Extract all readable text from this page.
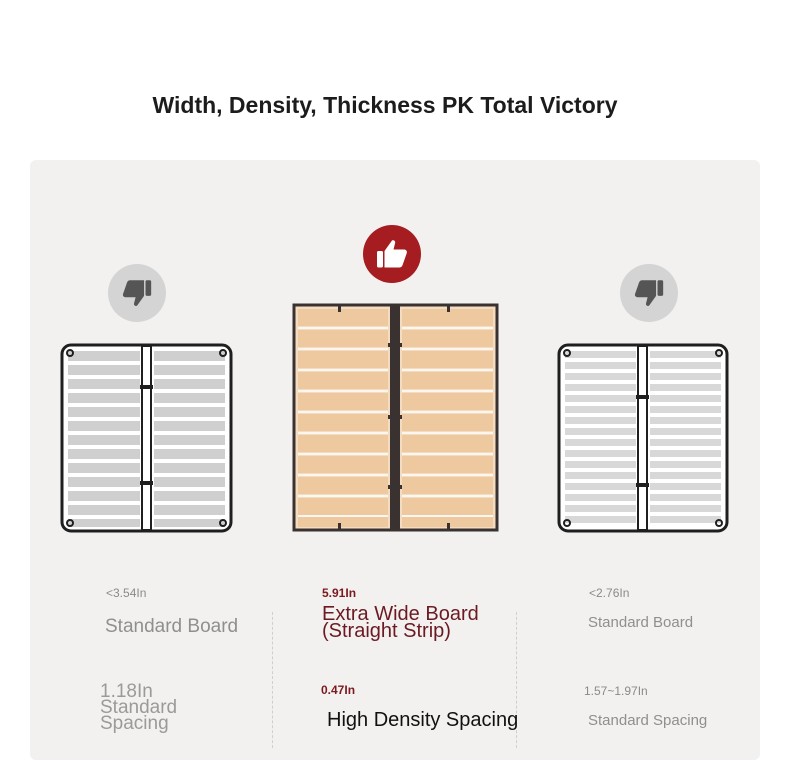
Width, Density, Thickness PK Total Victory
<3.54In
Standard Board
1.18In
Standard
Spacing
5.91In
Extra Wide Board
(Straight Strip)
0.47In
High Density Spacing
<2.76In
Standard Board
1.57~1.97In
Standard Spacing
